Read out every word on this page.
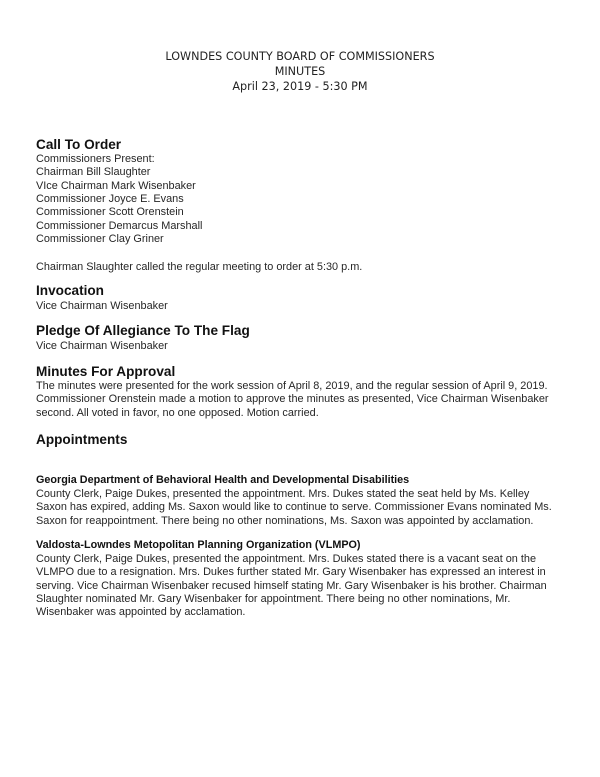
LOWNDES COUNTY BOARD OF COMMISSIONERS
MINUTES
April 23, 2019 - 5:30 PM
Call To Order
Commissioners Present:
Chairman Bill Slaughter
VIce Chairman Mark Wisenbaker
Commissioner Joyce E. Evans
Commissioner Scott Orenstein
Commissioner Demarcus Marshall
Commissioner Clay Griner
Chairman Slaughter called the regular meeting to order at 5:30 p.m.
Invocation
Vice Chairman Wisenbaker
Pledge Of Allegiance To The Flag
Vice Chairman Wisenbaker
Minutes For Approval
The minutes were presented for the work session of April 8, 2019, and the regular session of April 9, 2019.
Commissioner Orenstein made a motion to approve the minutes as presented, Vice Chairman Wisenbaker
second. All voted in favor, no one opposed. Motion carried.
Appointments
Georgia Department of Behavioral Health and Developmental Disabilities
County Clerk, Paige Dukes, presented the appointment. Mrs. Dukes stated the seat held by Ms. Kelley
Saxon has expired, adding Ms. Saxon would like to continue to serve. Commissioner Evans nominated Ms.
Saxon for reappointment. There being no other nominations, Ms. Saxon was appointed by acclamation.
Valdosta-Lowndes Metopolitan Planning Organization (VLMPO)
County Clerk, Paige Dukes, presented the appointment. Mrs. Dukes stated there is a vacant seat on the
VLMPO due to a resignation. Mrs. Dukes further stated Mr. Gary Wisenbaker has expressed an interest in
serving. Vice Chairman Wisenbaker recused himself stating Mr. Gary Wisenbaker is his brother. Chairman
Slaughter nominated Mr. Gary Wisenbaker for appointment. There being no other nominations, Mr.
Wisenbaker was appointed by acclamation.
